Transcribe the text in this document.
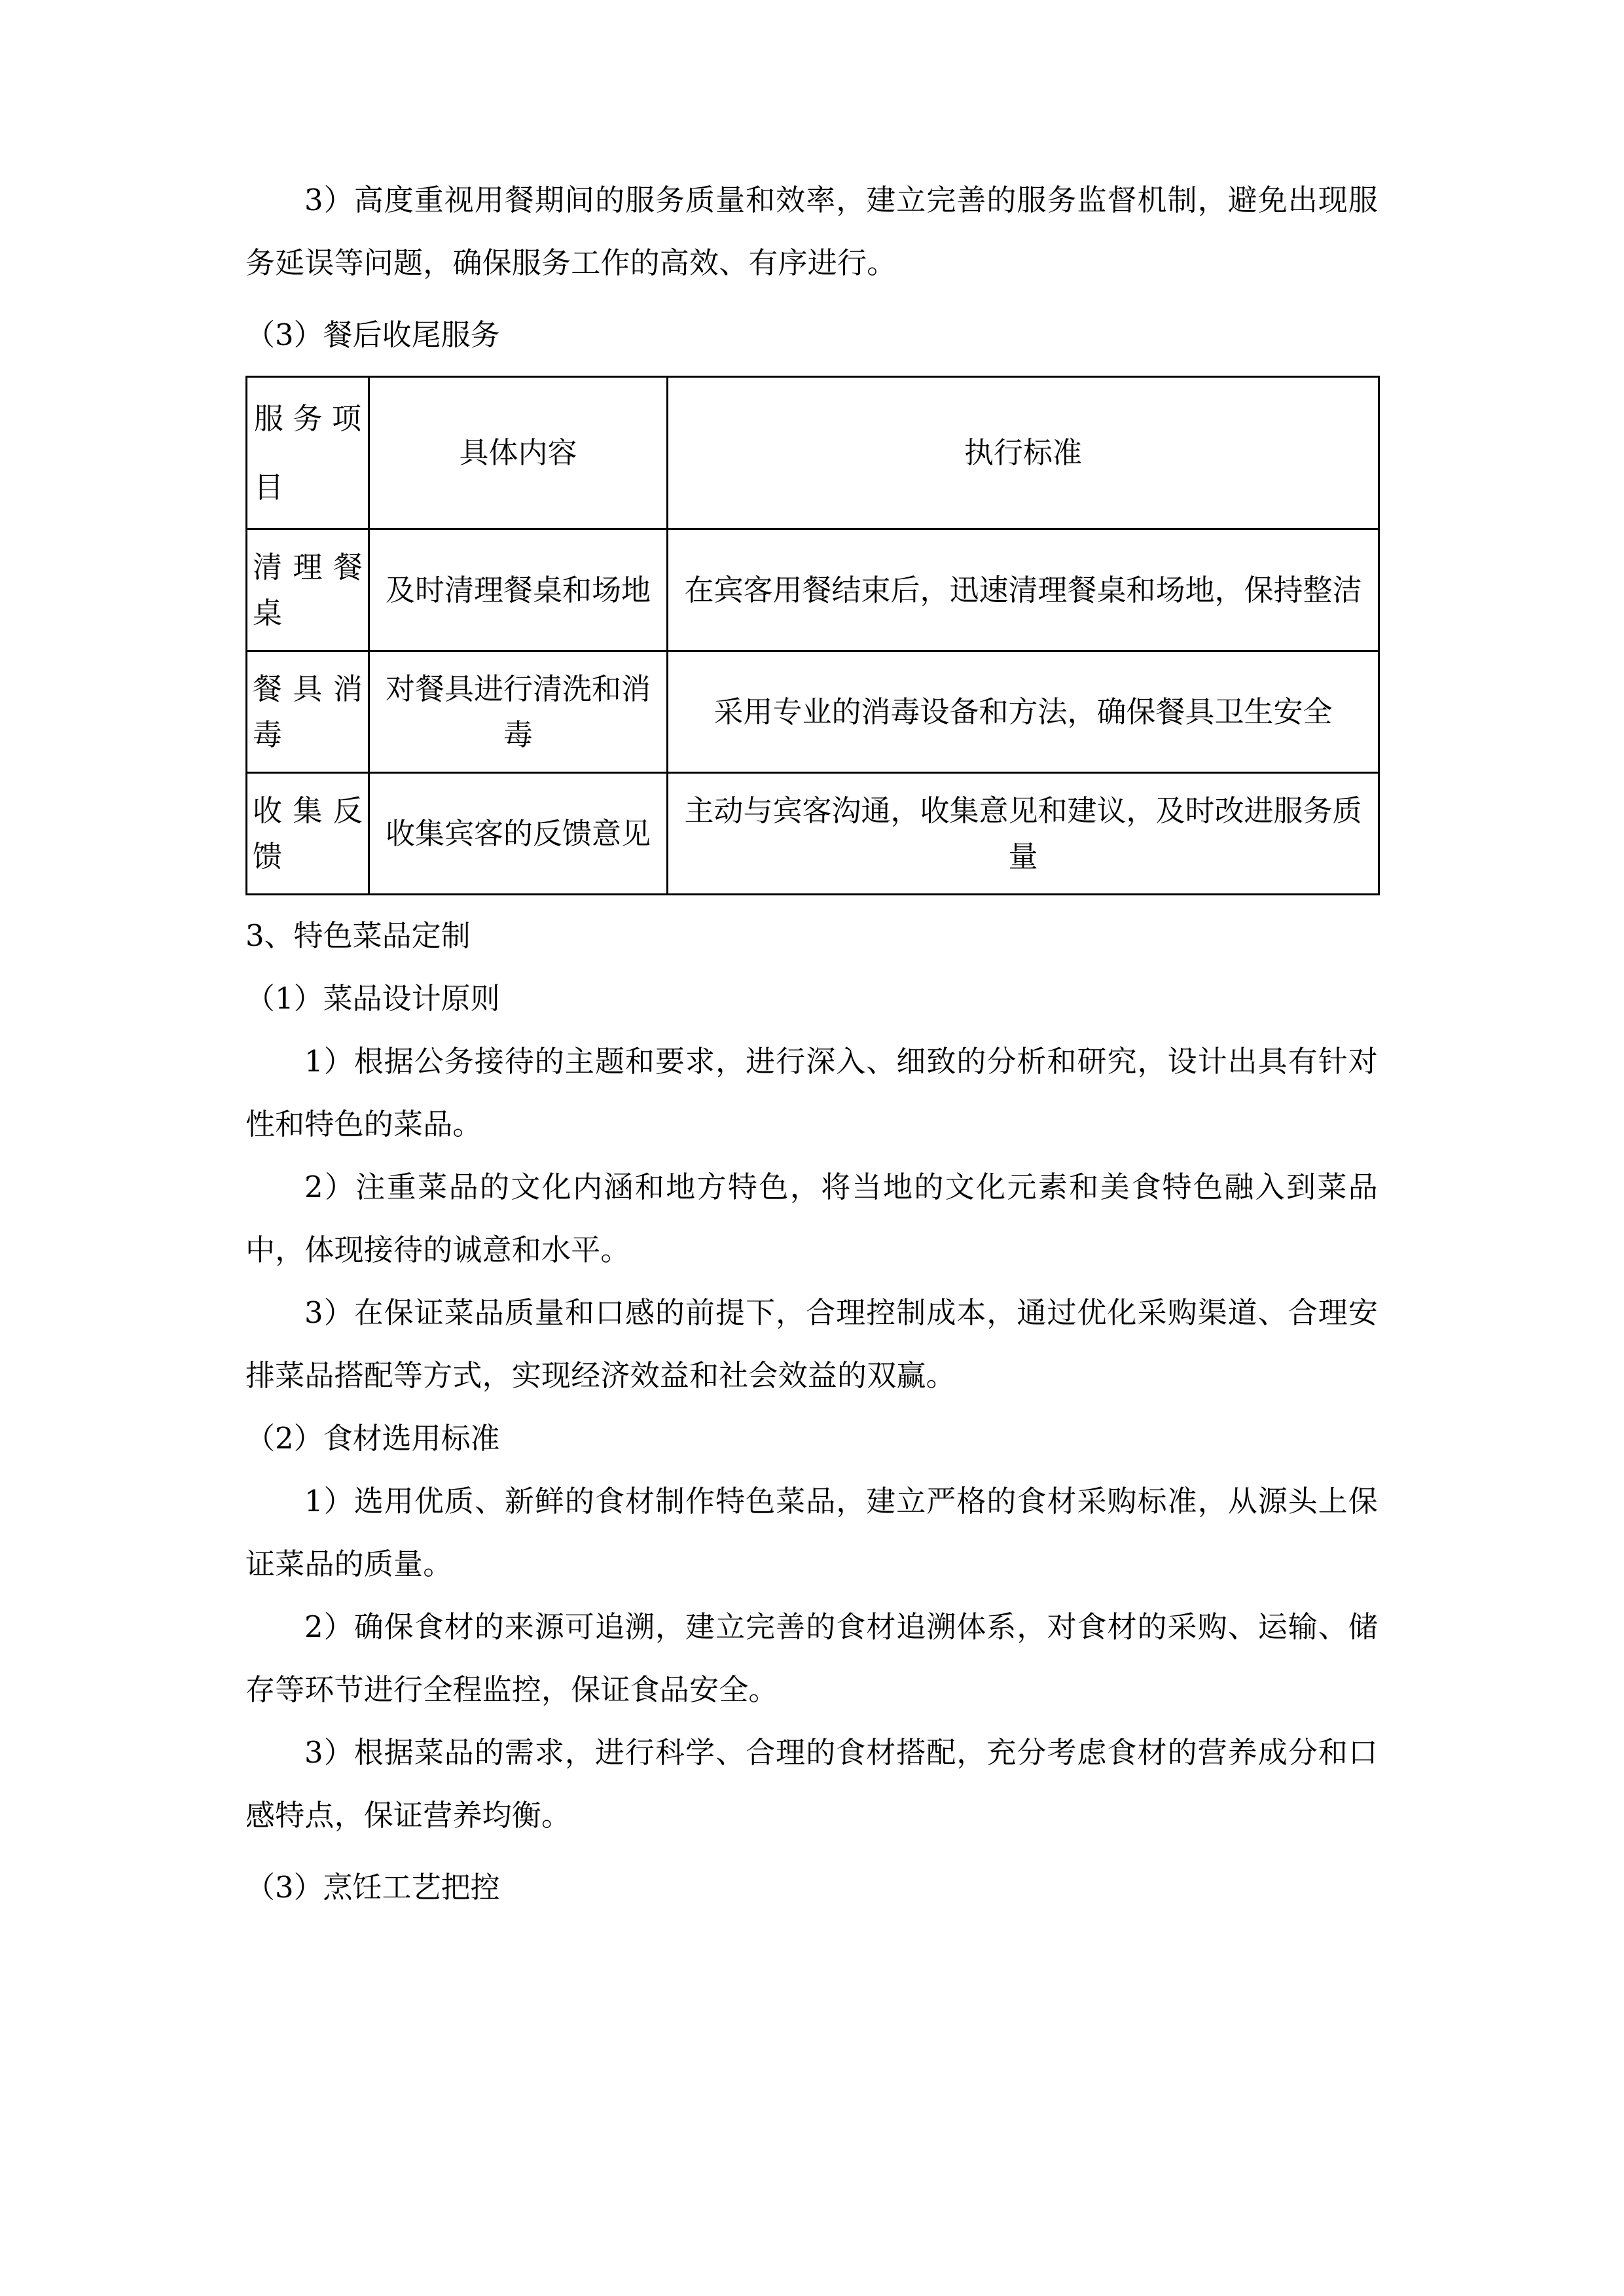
3）高度重视用餐期间的服务质量和效率，建立完善的服务监督机制，避免出现服务延误等问题，确保服务工作的高效、有序进行。

（3）餐后收尾服务

服务项目	具体内容	执行标准
清理餐桌	及时清理餐桌和场地	在宾客用餐结束后，迅速清理餐桌和场地，保持整洁
餐具消毒	对餐具进行清洗和消毒	采用专业的消毒设备和方法，确保餐具卫生安全
收集反馈	收集宾客的反馈意见	主动与宾客沟通，收集意见和建议，及时改进服务质量

3、特色菜品定制

（1）菜品设计原则

1）根据公务接待的主题和要求，进行深入、细致的分析和研究，设计出具有针对性和特色的菜品。

2）注重菜品的文化内涵和地方特色，将当地的文化元素和美食特色融入到菜品中，体现接待的诚意和水平。

3）在保证菜品质量和口感的前提下，合理控制成本，通过优化采购渠道、合理安排菜品搭配等方式，实现经济效益和社会效益的双赢。

（2）食材选用标准

1）选用优质、新鲜的食材制作特色菜品，建立严格的食材采购标准，从源头上保证菜品的质量。

2）确保食材的来源可追溯，建立完善的食材追溯体系，对食材的采购、运输、储存等环节进行全程监控，保证食品安全。

3）根据菜品的需求，进行科学、合理的食材搭配，充分考虑食材的营养成分和口感特点，保证营养均衡。

（3）烹饪工艺把控
